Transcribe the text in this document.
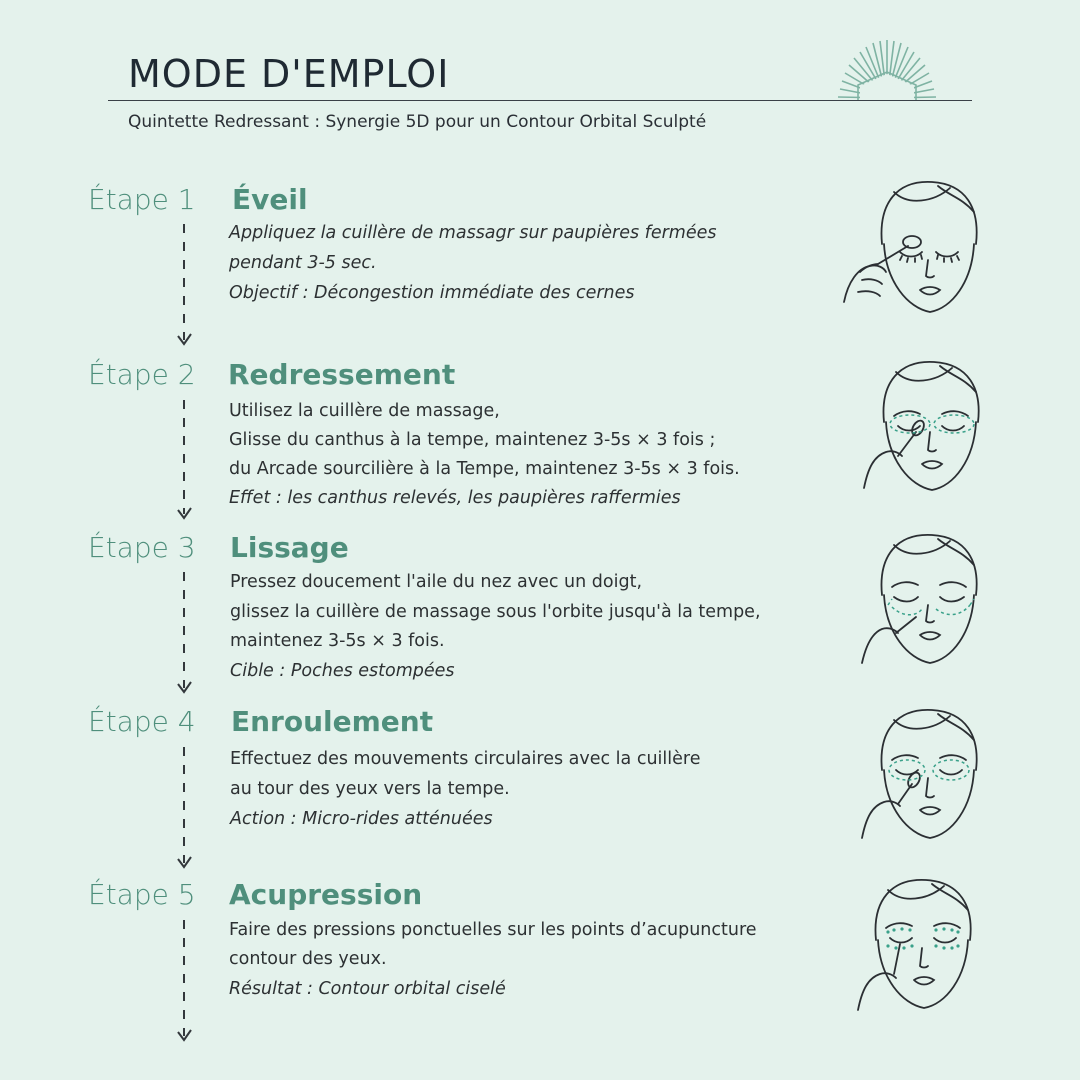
MODE D'EMPLOI
Quintette Redressant : Synergie 5D pour un Contour Orbital Sculpté
Étape 1 Éveil
Appliquez la cuillère de massagr sur paupières fermées
pendant 3-5 sec.
Objectif : Décongestion immédiate des cernes
Étape 2 Redressement
Utilisez la cuillère de massage,
Glisse du canthus à la tempe, maintenez 3-5s × 3 fois ;
du Arcade sourcilière à la Tempe, maintenez 3-5s × 3 fois.
Effet : les canthus relevés, les paupières raffermies
Étape 3 Lissage
Pressez doucement l'aile du nez avec un doigt,
glissez la cuillère de massage sous l'orbite jusqu'à la tempe,
maintenez 3-5s × 3 fois.
Cible : Poches estompées
Étape 4 Enroulement
Effectuez des mouvements circulaires avec la cuillère
au tour des yeux vers la tempe.
Action : Micro-rides atténuées
Étape 5 Acupression
Faire des pressions ponctuelles sur les points d’acupuncture
contour des yeux.
Résultat : Contour orbital ciselé
